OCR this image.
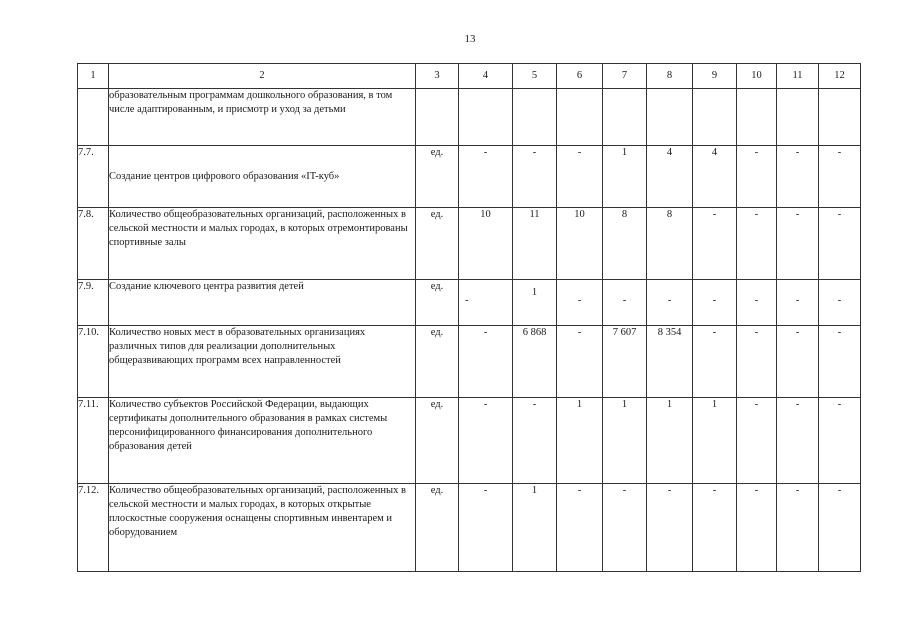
13
1	2	3	4	5	6	7	8	9	10	11	12
	образовательным программам дошкольного образования, в том числе адаптированным, и присмотр и уход за детьми										
7.7.	Создание центров цифрового образования «IT-куб»	ед.	-	-	-	1	4	4	-	-	-
7.8.	Количество общеобразовательных организаций, расположенных в сельской местности и малых городах, в которых отремонтированы спортивные залы	ед.	10	11	10	8	8	-	-	-	-
7.9.	Создание ключевого центра развития детей	ед.	-	1	-	-	-	-	-	-	-

7.10.	Количество новых мест в образовательных организациях различных типов для реализации дополнительных общеразвивающих программ всех направленностей	ед.	-	6 868	-	7 607	8 354	-	-	-	-
7.11.	Количество субъектов Российской Федерации, выдающих сертификаты дополнительного образования в рамках системы персонифицированного финансирования дополнительного образования детей	ед.	-	-	1	1	1	1	-	-	-
7.12.	Количество общеобразовательных организаций, расположенных в сельской местности и малых городах, в которых открытые плоскостные сооружения оснащены спортивным инвентарем и оборудованием	ед.	-	1	-	-	-	-	-	-	-
